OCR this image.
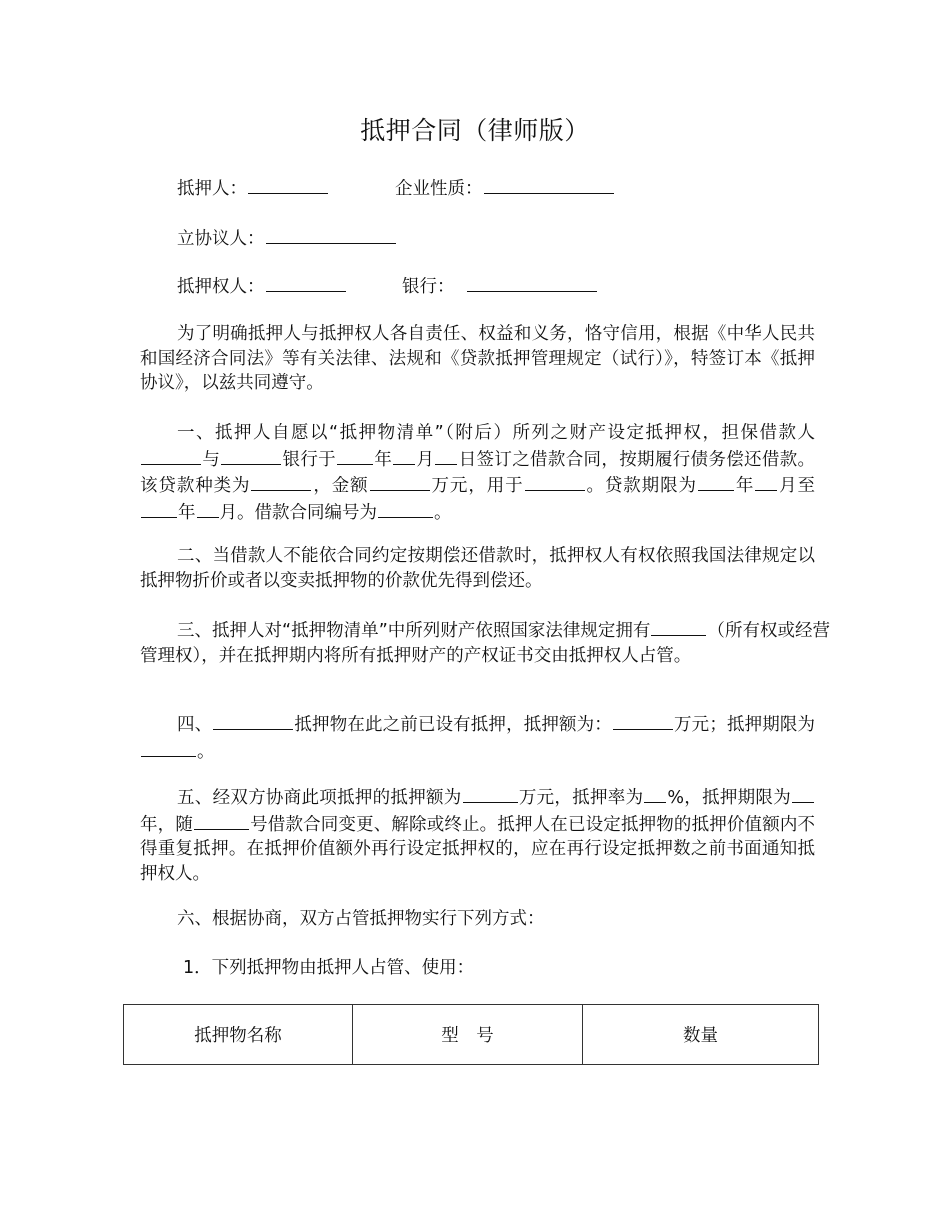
抵押合同（律师版）
抵押人：	企业性质：
立协议人：
抵押权人：	银行：
为了明确抵押人与抵押权人各自责任、权益和义务，恪守信用，根据《中华人民共和国经济合同法》等有关法律、法规和《贷款抵押管理规定（试行）》，特签订本《抵押协议》，以兹共同遵守。
一、抵押人自愿以“抵押物清单”（附后）所列之财产设定抵押权，担保借款人与	银行于 年 月 日签订之借款合同，按期履行债务偿还借款。该贷款种类为	，金额	万元，用于	。贷款期限为 年 月至年 月。借款合同编号为	。
二、当借款人不能依合同约定按期偿还借款时，抵押权人有权依照我国法律规定以抵押物折价或者以变卖抵押物的价款优先得到偿还。
三、抵押人对“抵押物清单”中所列财产依照国家法律规定拥有	（所有权或经营管理权），并在抵押期内将所有抵押财产的产权证书交由抵押权人占管。
四、	抵押物在此之前已设有抵押，抵押额为：	万元；抵押期限为。
五、经双方协商此项抵押的抵押额为	万元，抵押率为 %，抵押期限为年，随	号借款合同变更、解除或终止。抵押人在已设定抵押物的抵押价值额内不得重复抵押。在抵押价值额外再行设定抵押权的，应在再行设定抵押数之前书面通知抵押权人。
六、根据协商，双方占管抵押物实行下列方式：
1．下列抵押物由抵押人占管、使用：
抵押物名称	型　号	数量
